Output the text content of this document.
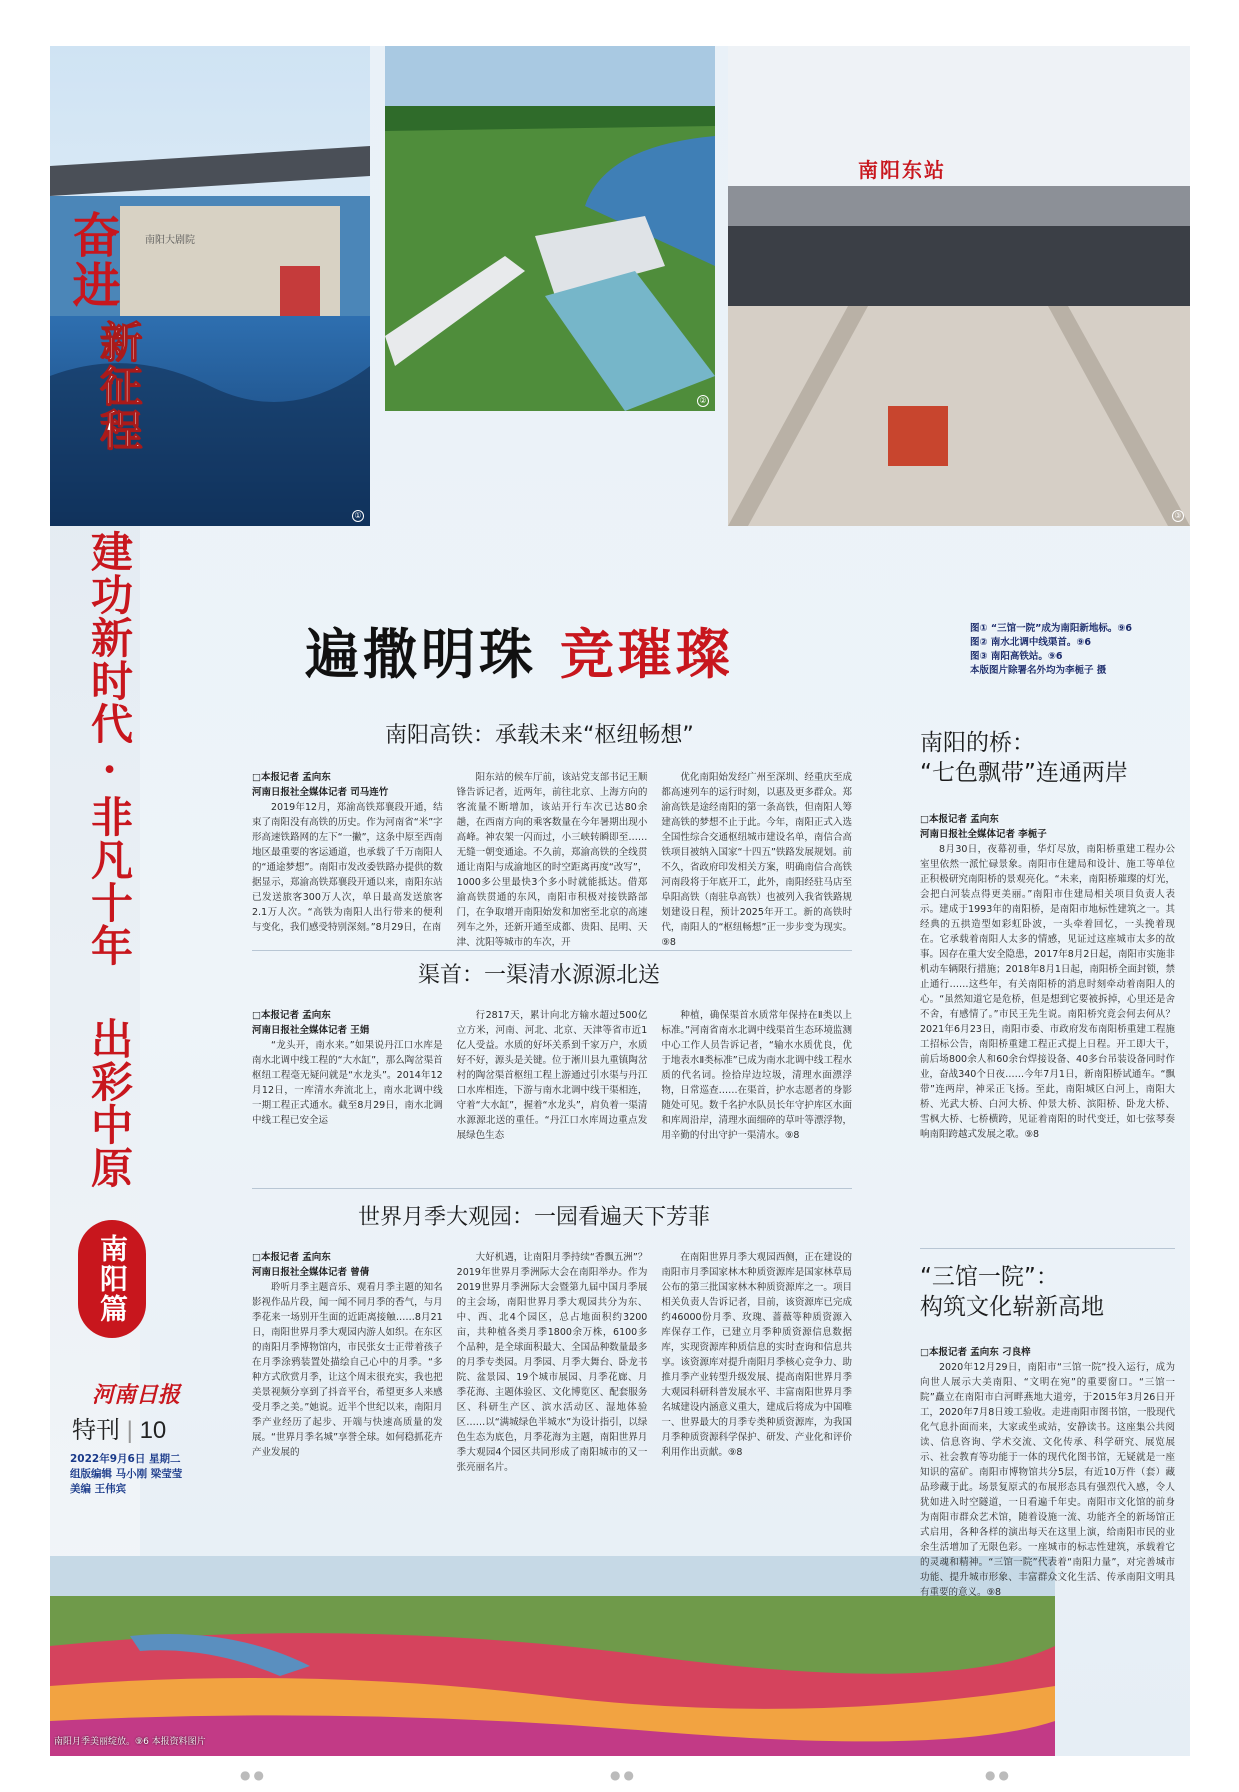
南阳大剧院
①
②
南阳东站
③
南阳月季美丽绽放。⑨6 本报资料图片
奋进
新征程
建功新时代·非凡十年 出彩中原
南阳篇
河南日报
特刊 | 10
2022年9月6日 星期二
组版编辑 马小刚 梁莹莹
美编 王伟宾
遍撒明珠 竞璀璨	图① “三馆一院”成为南阳新地标。⑨6
图② 南水北调中线渠首。⑨6
图③ 南阳高铁站。⑨6
本版图片除署名外均为李栀子 摄
南阳高铁：承载未来“枢纽畅想”

□本报记者 孟向东

河南日报社全媒体记者 司马连竹

2019年12月，郑渝高铁郑襄段开通，结束了南阳没有高铁的历史。作为河南省“米”字形高速铁路网的左下“一撇”，这条中原至西南地区最重要的客运通道，也承载了千万南阳人的“通途梦想”。南阳市发改委铁路办提供的数据显示，郑渝高铁郑襄段开通以来，南阳东站已发送旅客300万人次，单日最高发送旅客2.1万人次。“高铁为南阳人出行带来的便利与变化，我们感受特别深刻。”8月29日，在南

阳东站的候车厅前，该站党支部书记王顺锋告诉记者，近两年，前往北京、上海方向的客流量不断增加，该站开行车次已达80余趟，在西南方向的乘客数量在今年暑期出现小高峰。神农架一闪而过，小三峡转瞬即至……无缝一朝变通途。不久前，郑渝高铁的全线贯通让南阳与成渝地区的时空距离再度“改写”，1000多公里最快3个多小时就能抵达。借郑渝高铁贯通的东风，南阳市积极对接铁路部门，在争取增开南阳始发和加密至北京的高速列车之外，还新开通至成都、贵阳、昆明、天津、沈阳等城市的车次，开

优化南阳始发经广州至深圳、经重庆至成都高速列车的运行时刻，以惠及更多群众。郑渝高铁是途经南阳的第一条高铁，但南阳人筹建高铁的梦想不止于此。今年，南阳正式入选全国性综合交通枢纽城市建设名单，南信合高铁项目被纳入国家“十四五”铁路发展规划。前不久，省政府印发相关方案，明确南信合高铁河南段将于年底开工，此外，南阳经驻马店至阜阳高铁（南驻阜高铁）也被列入我省铁路规划建设日程，预计2025年开工。新的高铁时代，南阳人的“枢纽畅想”正一步步变为现实。⑨8

渠首：一渠清水源源北送

□本报记者 孟向东

河南日报社全媒体记者 王娟

“龙头开，南水来。”如果说丹江口水库是南水北调中线工程的“大水缸”，那么陶岔渠首枢纽工程毫无疑问就是“水龙头”。2014年12月12日，一库清水奔流北上，南水北调中线一期工程正式通水。截至8月29日，南水北调中线工程已安全运

行2817天，累计向北方输水超过500亿立方米，河南、河北、北京、天津等省市近1亿人受益。水质的好坏关系到千家万户，水质好不好，源头是关键。位于淅川县九重镇陶岔村的陶岔渠首枢纽工程上游通过引水渠与丹江口水库相连，下游与南水北调中线干渠相连，守着“大水缸”，握着“水龙头”，肩负着一渠清水源源北送的重任。“丹江口水库周边重点发展绿色生态

种植，确保渠首水质常年保持在Ⅱ类以上标准。”河南省南水北调中线渠首生态环境监测中心工作人员告诉记者，“输水水质优良，优于地表水Ⅱ类标准”已成为南水北调中线工程水质的代名词。捡拾岸边垃圾，清理水面漂浮物，日常巡查……在渠首，护水志愿者的身影随处可见。数千名护水队员长年守护库区水面和库周沿岸，清理水面细碎的草叶等漂浮物，用辛勤的付出守护一渠清水。⑨8

世界月季大观园：一园看遍天下芳菲

□本报记者 孟向东

河南日报社全媒体记者 曾倩

聆听月季主题音乐、观看月季主题的知名影视作品片段，闻一闻不同月季的香气，与月季花来一场别开生面的近距离接触……8月21日，南阳世界月季大观园内游人如织。在东区的南阳月季博物馆内，市民张女士正带着孩子在月季涂鸦装置处描绘自己心中的月季。“多种方式欣赏月季，让这个周末很充实，我也把美景视频分享到了抖音平台，希望更多人来感受月季之美。”她说。近半个世纪以来，南阳月季产业经历了起步、开端与快速高质量的发展。“世界月季名城”享誉全球。如何稳抓花卉产业发展的

大好机遇，让南阳月季持续“香飘五洲”？2019年世界月季洲际大会在南阳举办。作为2019世界月季洲际大会暨第九届中国月季展的主会场，南阳世界月季大观园共分为东、中、西、北4个园区，总占地面积约3200亩，共种植各类月季1800余万株，6100多个品种，是全球面积最大、全国品种数量最多的月季专类园。月季园、月季大舞台、卧龙书院、盆景园、19个城市展园、月季花廊、月季花海、主题体验区、文化博览区、配套服务区、科研生产区、滨水活动区、湿地体验区……以“满城绿色半城水”为设计指引，以绿色生态为底色，月季花海为主题，南阳世界月季大观园4个园区共同形成了南阳城市的又一张亮丽名片。

在南阳世界月季大观园西侧，正在建设的南阳市月季国家林木种质资源库是国家林草局公布的第三批国家林木种质资源库之一。项目相关负责人告诉记者，目前，该资源库已完成约46000份月季、玫瑰、蔷薇等种质资源入库保存工作，已建立月季种质资源信息数据库，实现资源库种质信息的实时查询和信息共享。该资源库对提升南阳月季核心竞争力、助推月季产业转型升级发展、提高南阳世界月季大观园科研科普发展水平、丰富南阳世界月季名城建设内涵意义重大，建成后将成为中国唯一、世界最大的月季专类种质资源库，为我国月季种质资源科学保护、研发、产业化和评价利用作出贡献。⑨8

南阳的桥：
“七色飘带”连通两岸

□本报记者 孟向东

河南日报社全媒体记者 李栀子

8月30日，夜幕初垂，华灯尽放，南阳桥重建工程办公室里依然一派忙碌景象。南阳市住建局和设计、施工等单位正积极研究南阳桥的景观亮化。“未来，南阳桥璀璨的灯光，会把白河装点得更美丽。”南阳市住建局相关项目负责人表示。建成于1993年的南阳桥，是南阳市地标性建筑之一。其经典的五拱造型如彩虹卧波，一头牵着回忆，一头挽着现在。它承载着南阳人太多的情感，见证过这座城市太多的故事。因存在重大安全隐患，2017年8月2日起，南阳市实施非机动车辆限行措施；2018年8月1日起，南阳桥全面封锁，禁止通行……这些年，有关南阳桥的消息时刻牵动着南阳人的心。“虽然知道它是危桥，但是想到它要被拆掉，心里还是舍不舍，有感情了。”市民王先生说。南阳桥究竟会何去何从？2021年6月23日，南阳市委、市政府发布南阳桥重建工程施工招标公告，南阳桥重建工程正式提上日程。开工即大干，前后场800余人和60余台焊接设备、40多台吊装设备同时作业，奋战340个日夜……今年7月1日，新南阳桥试通车。“飘带”连两岸，神采正飞扬。至此，南阳城区白河上，南阳大桥、光武大桥、白河大桥、仲景大桥、滨阳桥、卧龙大桥、雪枫大桥、七桥横跨，见证着南阳的时代变迁，如七弦琴奏响南阳跨越式发展之歌。⑨8

“三馆一院”：
构筑文化崭新高地

□本报记者 孟向东 刁良梓

2020年12月29日，南阳市“三馆一院”投入运行，成为向世人展示大美南阳、“文明在宛”的重要窗口。“三馆一院”矗立在南阳市白河畔燕地大道旁，于2015年3月26日开工，2020年7月8日竣工验收。走进南阳市图书馆，一股现代化气息扑面而来，大家或坐或站，安静读书。这座集公共阅读、信息咨询、学术交流、文化传承、科学研究、展览展示、社会教育等功能于一体的现代化图书馆，无疑就是一座知识的富矿。南阳市博物馆共分5层，有近10万件（套）藏品珍藏于此。场景复原式的布展形态具有强烈代入感，令人犹如进入时空隧道，一日看遍千年史。南阳市文化馆的前身为南阳市群众艺术馆，随着设施一流、功能齐全的新场馆正式启用，各种各样的演出每天在这里上演，给南阳市民的业余生活增加了无限色彩。一座城市的标志性建筑，承载着它的灵魂和精神。“三馆一院”代表着“南阳力量”，对完善城市功能、提升城市形象、丰富群众文化生活、传承南阳文明具有重要的意义。⑨8

●●	●●	●●
